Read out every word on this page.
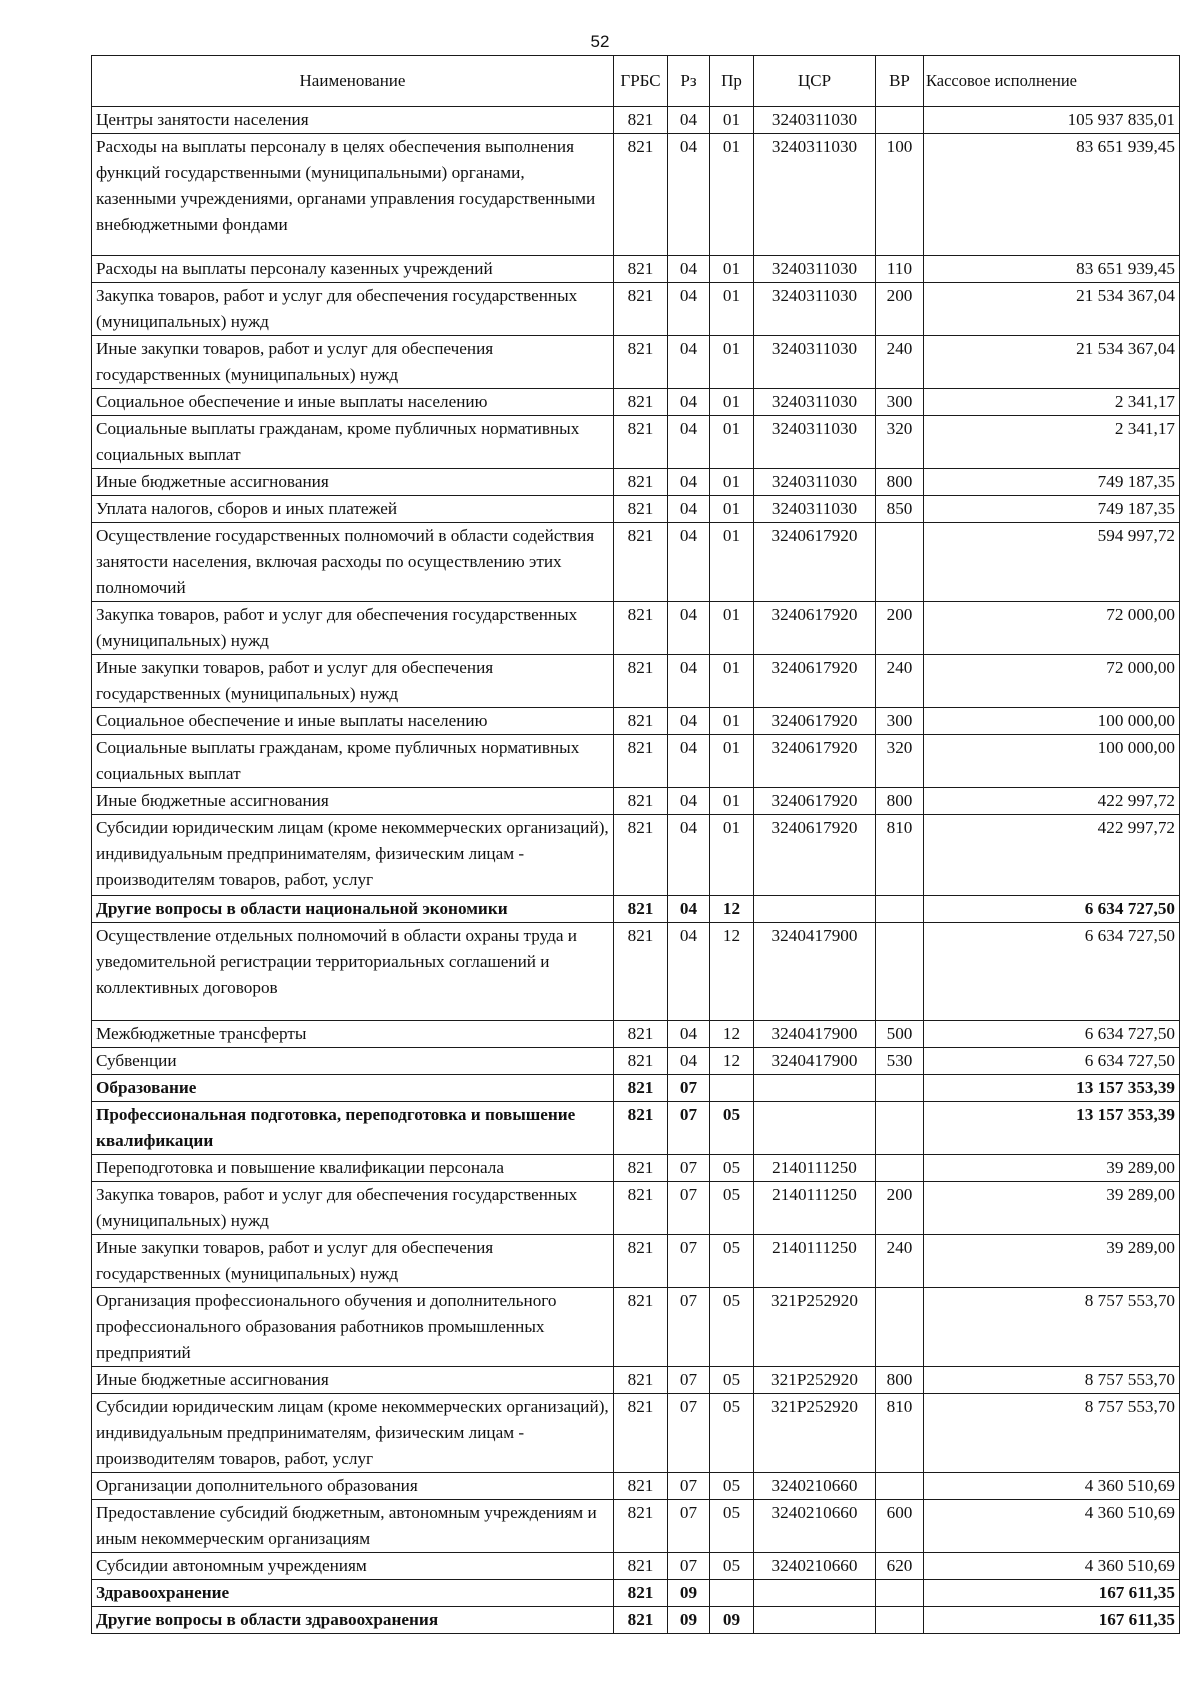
52
Наименование	ГРБС	Рз	Пр	ЦСР	ВР	Кассовое исполнение
Центры занятости населения	821	04	01	3240311030		105 937 835,01
Расходы на выплаты персоналу в целях обеспечения выполнения функций государственными (муниципальными) органами, казенными учреждениями, органами управления государственными внебюджетными фондами	821	04	01	3240311030	100	83 651 939,45
Расходы на выплаты персоналу казенных учреждений	821	04	01	3240311030	110	83 651 939,45
Закупка товаров, работ и услуг для обеспечения государственных (муниципальных) нужд	821	04	01	3240311030	200	21 534 367,04
Иные закупки товаров, работ и услуг для обеспечения государственных (муниципальных) нужд	821	04	01	3240311030	240	21 534 367,04
Социальное обеспечение и иные выплаты населению	821	04	01	3240311030	300	2 341,17
Социальные выплаты гражданам, кроме публичных нормативных социальных выплат	821	04	01	3240311030	320	2 341,17
Иные бюджетные ассигнования	821	04	01	3240311030	800	749 187,35
Уплата налогов, сборов и иных платежей	821	04	01	3240311030	850	749 187,35
Осуществление государственных полномочий в области содействия занятости населения, включая расходы по осуществлению этих полномочий	821	04	01	3240617920		594 997,72
Закупка товаров, работ и услуг для обеспечения государственных (муниципальных) нужд	821	04	01	3240617920	200	72 000,00
Иные закупки товаров, работ и услуг для обеспечения государственных (муниципальных) нужд	821	04	01	3240617920	240	72 000,00
Социальное обеспечение и иные выплаты населению	821	04	01	3240617920	300	100 000,00
Социальные выплаты гражданам, кроме публичных нормативных социальных выплат	821	04	01	3240617920	320	100 000,00
Иные бюджетные ассигнования	821	04	01	3240617920	800	422 997,72
Субсидии юридическим лицам (кроме некоммерческих организаций), индивидуальным предпринимателям, физическим лицам - производителям товаров, работ, услуг	821	04	01	3240617920	810	422 997,72
Другие вопросы в области национальной экономики	821	04	12			6 634 727,50
Осуществление отдельных полномочий в области охраны труда и уведомительной регистрации территориальных соглашений и коллективных договоров	821	04	12	3240417900		6 634 727,50
Межбюджетные трансферты	821	04	12	3240417900	500	6 634 727,50
Субвенции	821	04	12	3240417900	530	6 634 727,50
Образование	821	07				13 157 353,39
Профессиональная подготовка, переподготовка и повышение квалификации	821	07	05			13 157 353,39
Переподготовка и повышение квалификации персонала	821	07	05	2140111250		39 289,00
Закупка товаров, работ и услуг для обеспечения государственных (муниципальных) нужд	821	07	05	2140111250	200	39 289,00
Иные закупки товаров, работ и услуг для обеспечения государственных (муниципальных) нужд	821	07	05	2140111250	240	39 289,00
Организация профессионального обучения и дополнительного профессионального образования работников промышленных предприятий	821	07	05	321P252920		8 757 553,70
Иные бюджетные ассигнования	821	07	05	321P252920	800	8 757 553,70
Субсидии юридическим лицам (кроме некоммерческих организаций), индивидуальным предпринимателям, физическим лицам - производителям товаров, работ, услуг	821	07	05	321P252920	810	8 757 553,70
Организации дополнительного образования	821	07	05	3240210660		4 360 510,69
Предоставление субсидий бюджетным, автономным учреждениям и иным некоммерческим организациям	821	07	05	3240210660	600	4 360 510,69
Субсидии автономным учреждениям	821	07	05	3240210660	620	4 360 510,69
Здравоохранение	821	09				167 611,35
Другие вопросы в области здравоохранения	821	09	09			167 611,35
